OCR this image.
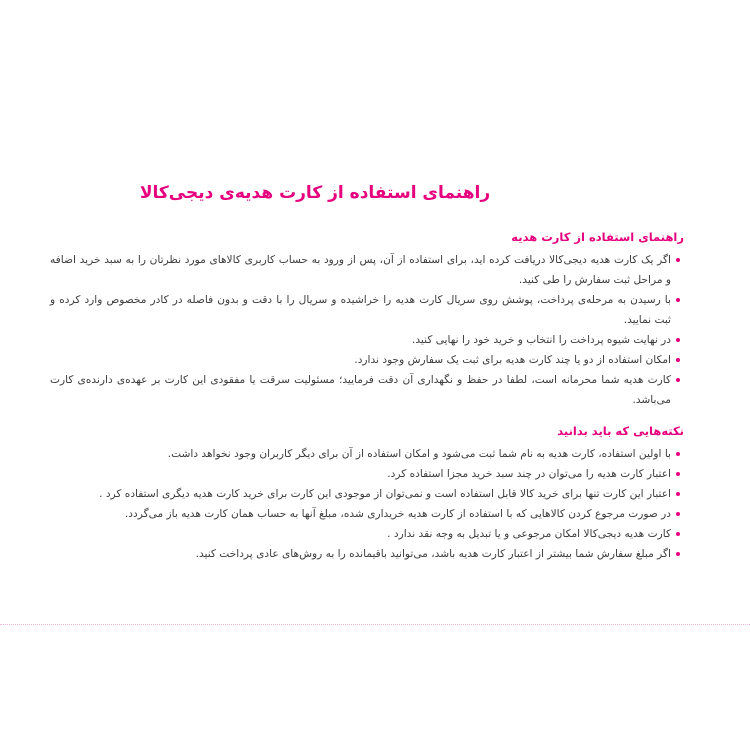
راهنمای استفاده از کارت هدیه‌ی دیجی‌کالا
راهنمای استفاده از کارت هدیه
اگر یک کارت هدیه دیجی‌کالا دریافت کرده اید، برای استفاده از آن، پس از ورود به حساب کاربری کالاهای مورد نظرتان را به سبد خرید اضافه و مراحل ثبت سفارش را طی کنید.
با رسیدن به مرحله‌ی پرداخت، پوشش روی سریال کارت هدیه را خراشیده و سریال را با دقت و بدون فاصله در کادر مخصوص وارد کرده و ثبت نمایید.
در نهایت شیوه پرداخت را انتخاب و خرید خود را نهایی کنید.
امکان استفاده از دو یا چند کارت هدیه برای ثبت یک سفارش وجود ندارد.
کارت هدیه شما محرمانه است، لطفا در حفظ و نگهداری آن دقت فرمایید؛ مسئولیت سرقت یا مفقودی این کارت بر عهده‌ی دارنده‌ی کارت می‌باشد.
نکته‌هایی که باید بدانید
با اولین استفاده، کارت هدیه به نام شما ثبت می‌شود و امکان استفاده از آن برای دیگر کاربران وجود نخواهد داشت.
اعتبار کارت هدیه را می‌توان در چند سبد خرید مجزا استفاده کرد.
اعتبار این کارت تنها برای خرید کالا قابل استفاده است و نمی‌توان از موجودی این کارت برای خرید کارت هدیه دیگری استفاده کرد .
در صورت مرجوع کردن کالاهایی که با استفاده از کارت هدیه خریداری شده، مبلغ آنها به حساب همان کارت هدیه باز می‌گردد.
کارت هدیه دیجی‌کالا امکان مرجوعی و یا تبدیل به وجه نقد ندارد .
اگر مبلغ سفارش شما بیشتر از اعتبار کارت هدیه باشد، می‌توانید باقیمانده را به روش‌های عادی پرداخت کنید.
